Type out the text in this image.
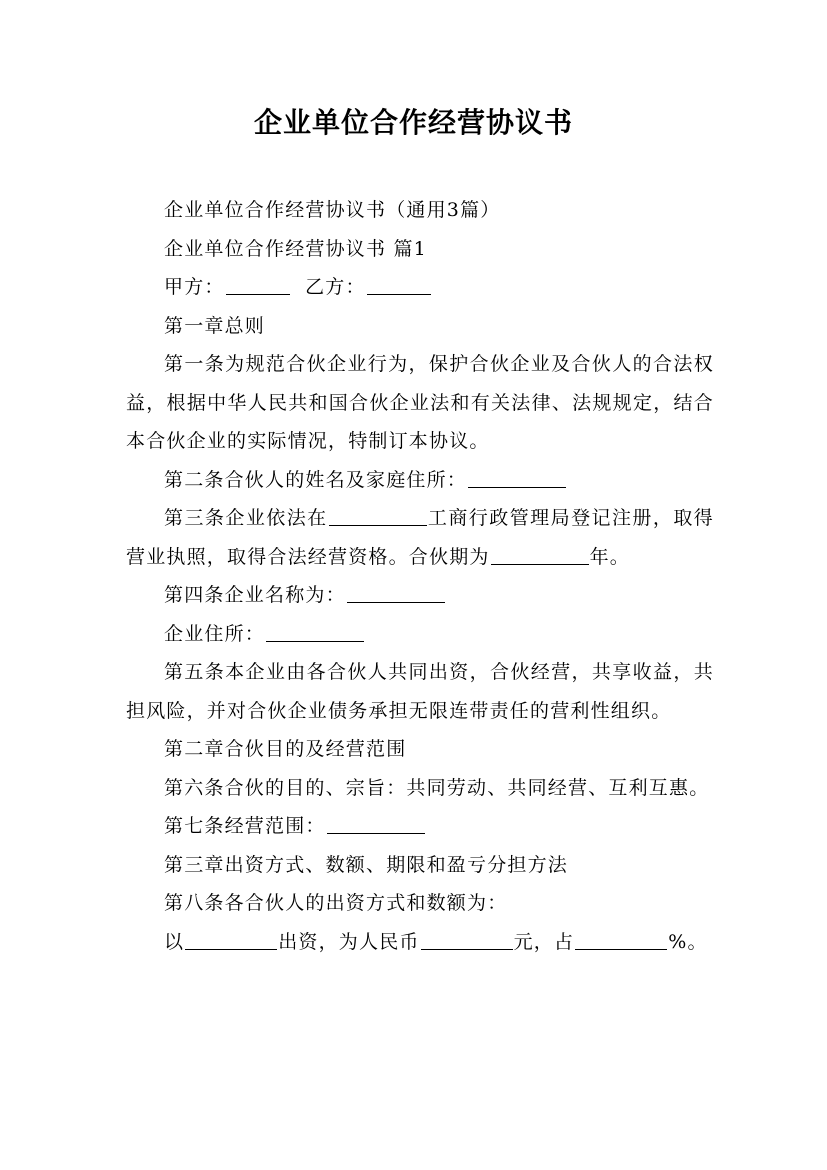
企业单位合作经营协议书

企业单位合作经营协议书（通用3篇）

企业单位合作经营协议书 篇1

甲方：	乙方：

第一章总则

第一条为规范合伙企业行为，保护合伙企业及合伙人的合法权益，根据中华人民共和国合伙企业法和有关法律、法规规定，结合本合伙企业的实际情况，特制订本协议。

第二条合伙人的姓名及家庭住所：

第三条企业依法在	工商行政管理局登记注册，取得营业执照，取得合法经营资格。合伙期为	年。

第四条企业名称为：

企业住所：

第五条本企业由各合伙人共同出资，合伙经营，共享收益，共担风险，并对合伙企业债务承担无限连带责任的营利性组织。

第二章合伙目的及经营范围

第六条合伙的目的、宗旨：共同劳动、共同经营、互利互惠。

第七条经营范围：

第三章出资方式、数额、期限和盈亏分担方法

第八条各合伙人的出资方式和数额为：

以	出资，为人民币	元，占	%。
